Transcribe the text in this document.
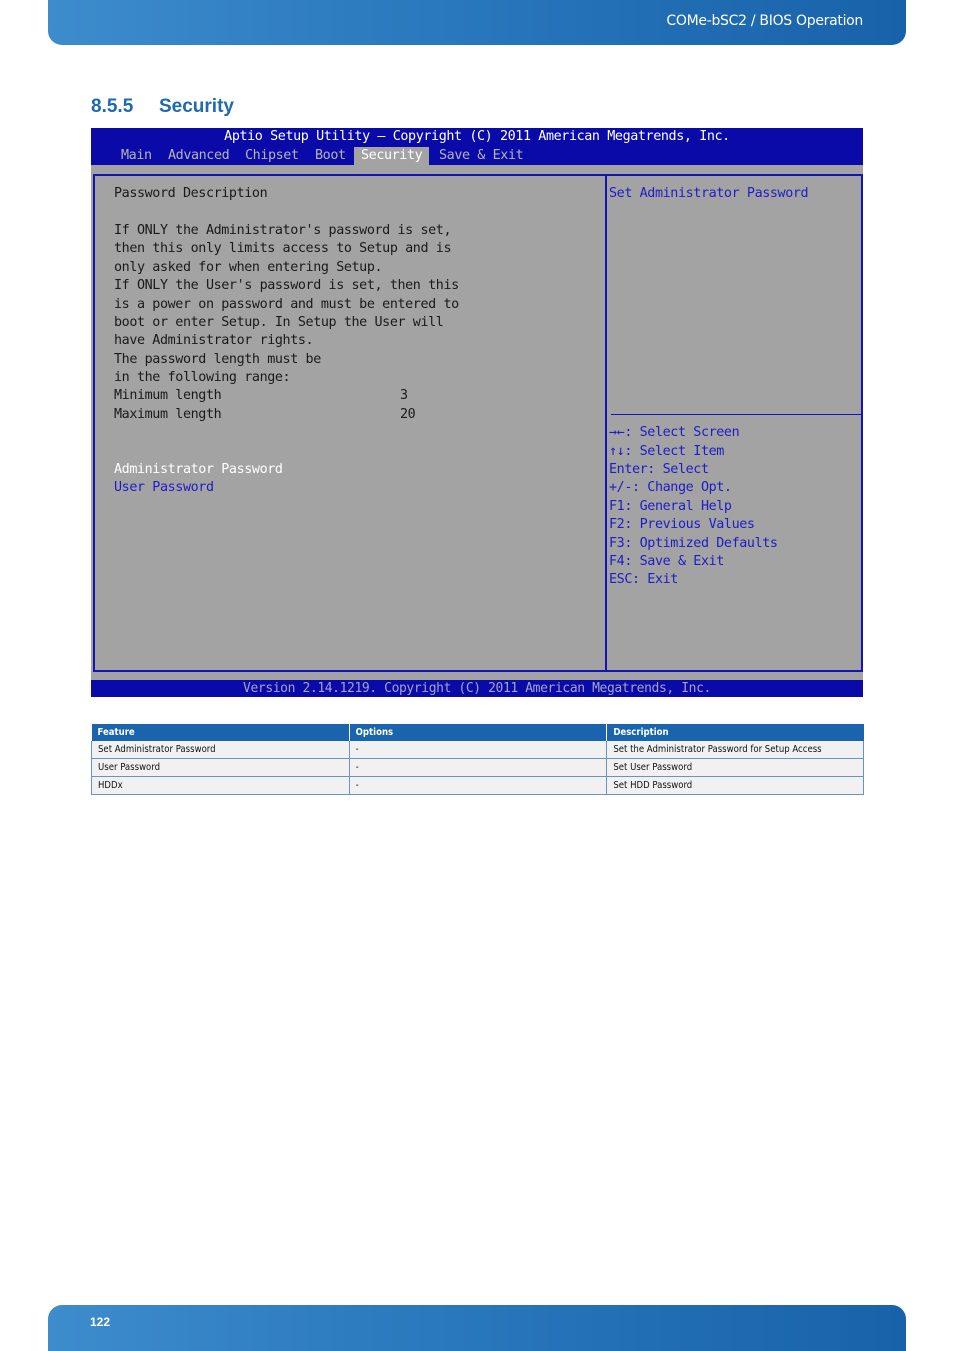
COMe-bSC2 / BIOS Operation
8.5.5 Security
Aptio Setup Utility – Copyright (C) 2011 American Megatrends, Inc.
Main Advanced Chipset Boot	Security	Save & Exit
Password Description
If ONLY the Administrator's password is set,
then this only limits access to Setup and is
only asked for when entering Setup.
If ONLY the User's password is set, then this
is a power on password and must be entered to
boot or enter Setup. In Setup the User will
have Administrator rights.
The password length must be
in the following range:
Minimum length	3
Maximum length	20
Administrator Password
User Password
Set Administrator Password
→←: Select Screen
↑↓: Select Item
Enter: Select
+/-: Change Opt.
F1: General Help
F2: Previous Values
F3: Optimized Defaults
F4: Save & Exit
ESC: Exit
Version 2.14.1219. Copyright (C) 2011 American Megatrends, Inc.
Feature	Options	Description
Set Administrator Password	-	Set the Administrator Password for Setup Access
User Password	-	Set User Password
HDDx	-	Set HDD Password
122
